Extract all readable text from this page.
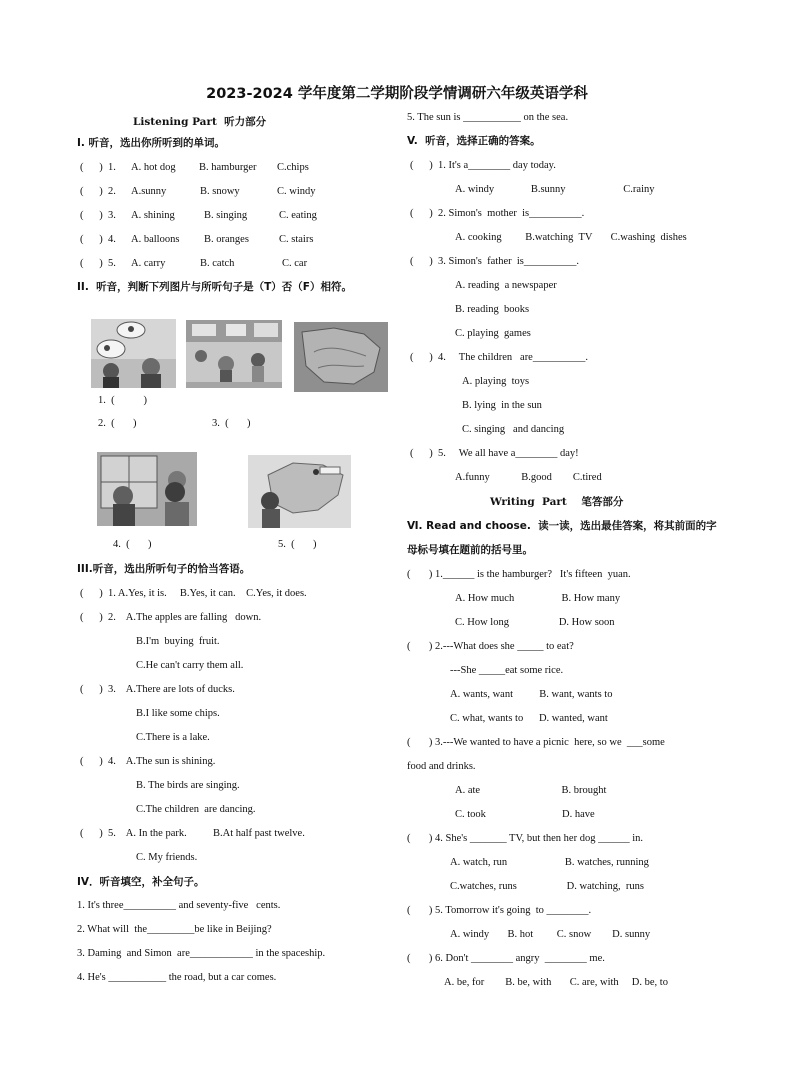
2023-2024 学年度第二学期阶段学情调研六年级英语学科
Listening Part  听力部分
Ⅰ. 听音，选出你所听到的单词。
(      )  1. A. hot dog B. hamburger C.chips
(      )  2. A.sunny	B. snowy	C. windy
(      )  3. A. shining	B. singing	C. eating
(      )  4. A. balloons B. oranges	C. stairs
(      )  5. A. carry	B. catch	C. car
II.  听音，判断下列图片与所听句子是（T）否（F）相符。
1.  (           )
2.  (       )	3.  (       )
4.  (       )	5.  (       )
III.听音，选出所听句子的恰当答语。
(      )  1. A.Yes, it is.     B.Yes, it can.    C.Yes, it does.
(      )  2.    A.The apples are falling   down.
B.I'm  buying  fruit.
C.He can't carry them all.
(      )  3.    A.There are lots of ducks.
B.I like some chips.
C.There is a lake.
(      )  4.    A.The sun is shining.
B. The birds are singing.
C.The children  are dancing.
(      )  5.    A. In the park.          B.At half past twelve.
C. My friends.
IV．听音填空，补全句子。
1. It's three__________ and seventy-five   cents.
2. What will  the_________be like in Beijing?
3. Daming  and Simon  are____________ in the spaceship.
4. He's ___________ the road, but a car comes.
5. The sun is ___________ on the sea.
V.  听音，选择正确的答案。
(      )  1. It's a________ day today.
A. windy              B.sunny                      C.rainy
(      )  2. Simon's  mother  is__________.
A. cooking         B.watching  TV       C.washing  dishes
(      )  3. Simon's  father  is__________.
A. reading  a newspaper
B. reading  books
C. playing  games
(      )  4.     The children   are__________.
A. playing  toys
B. lying  in the sun
C. singing   and dancing
(      )  5.     We all have a________ day!
A.funny            B.good        C.tired
Writing  Part    笔答部分
Ⅵ. Read and choose.  读一读，选出最佳答案，将其前面的字
母标号填在题前的括号里。
(       ) 1.______ is the hamburger?   It's fifteen  yuan.
A. How much                  B. How many
C. How long                   D. How soon
(       ) 2.---What does she _____ to eat?
---She _____eat some rice.
A. wants, want          B. want, wants to
C. what, wants to      D. wanted, want
(       ) 3.---We wanted to have a picnic  here, so we  ___some
food and drinks.
A. ate                               B. brought
C. took                             D. have
(       ) 4. She's _______ TV, but then her dog ______ in.
A. watch, run                      B. watches, running
C.watches, runs                   D. watching,  runs
(       ) 5. Tomorrow it's going  to ________.
A. windy       B. hot         C. snow        D. sunny
(       ) 6. Don't ________ angry  ________ me.
A. be, for        B. be, with       C. are, with     D. be, to
